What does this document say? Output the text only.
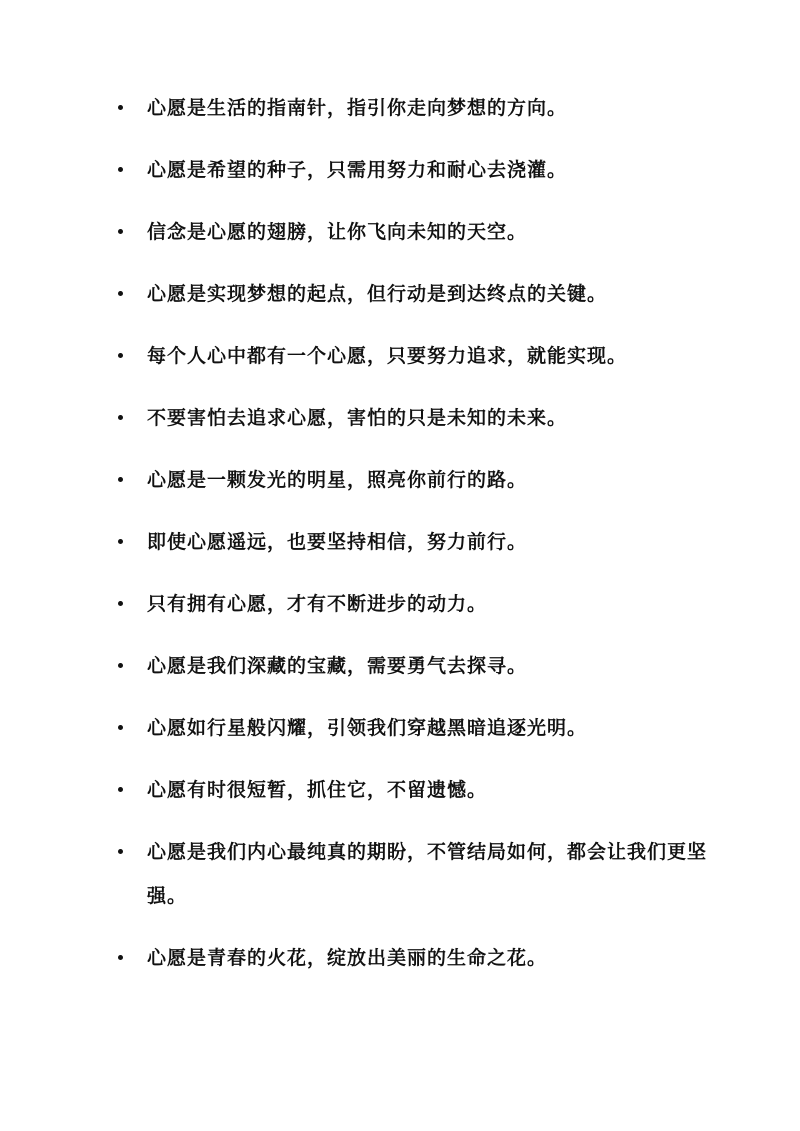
心愿是生活的指南针，指引你走向梦想的方向。
心愿是希望的种子，只需用努力和耐心去浇灌。
信念是心愿的翅膀，让你飞向未知的天空。
心愿是实现梦想的起点，但行动是到达终点的关键。
每个人心中都有一个心愿，只要努力追求，就能实现。
不要害怕去追求心愿，害怕的只是未知的未来。
心愿是一颗发光的明星，照亮你前行的路。
即使心愿遥远，也要坚持相信，努力前行。
只有拥有心愿，才有不断进步的动力。
心愿是我们深藏的宝藏，需要勇气去探寻。
心愿如行星般闪耀，引领我们穿越黑暗追逐光明。
心愿有时很短暂，抓住它，不留遗憾。
心愿是我们内心最纯真的期盼，不管结局如何，都会让我们更坚强。
心愿是青春的火花，绽放出美丽的生命之花。
